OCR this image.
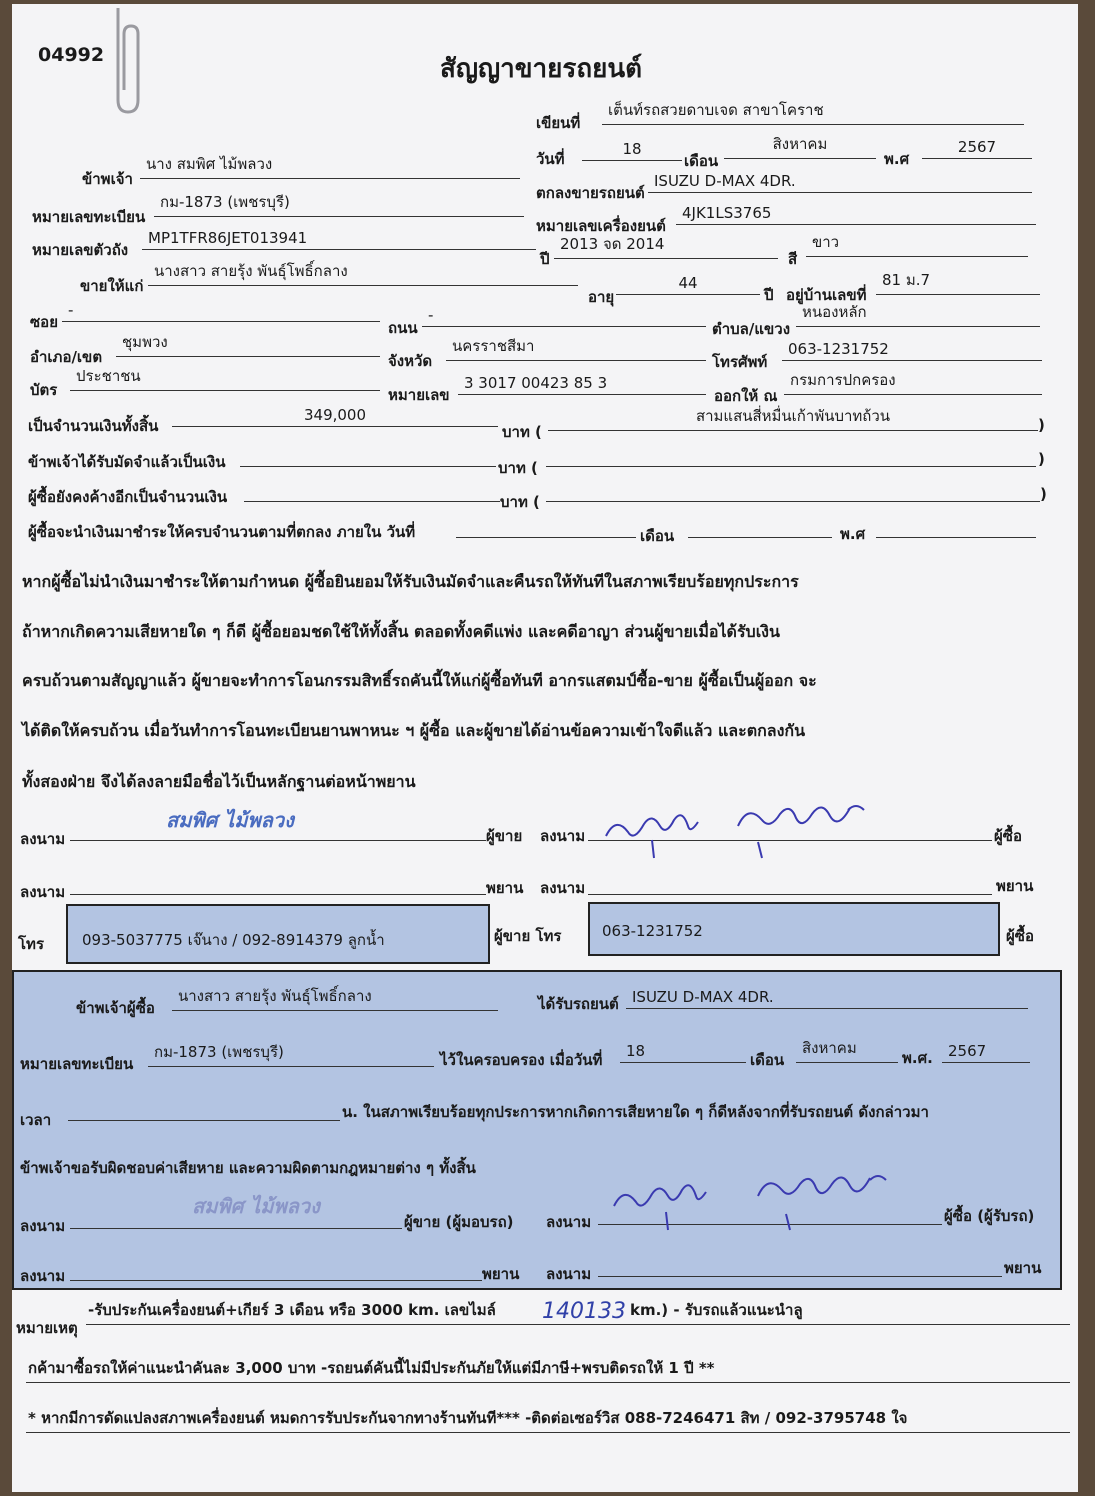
04992	สัญญาขายรถยนต์
เขียนที่
เต็นท์รถสวยดาบเจด สาขาโคราช
วันที่
18
เดือน
สิงหาคม
พ.ศ
2567
ข้าพเจ้า
นาง สมพิศ ไม้พลวง
ตกลงขายรถยนต์
ISUZU D-MAX 4DR.
หมายเลขทะเบียน
กม-1873 (เพชรบุรี)
หมายเลขเครื่องยนต์
4JK1LS3765
หมายเลขตัวถัง
MP1TFR86JET013941
ปี
2013 จด 2014
สี
ขาว
ขายให้แก่
นางสาว สายรุ้ง พันธุ์โพธิ์กลาง
อายุ
44
ปี อยู่บ้านเลขที่
81 ม.7
ซอย
-
ถนน
-
ตำบล/แขวง
หนองหลัก
อำเภอ/เขต
ชุมพวง
จังหวัด
นครราชสีมา
โทรศัพท์
063-1231752
บัตร
ประชาชน
หมายเลข
3 3017 00423 85 3
ออกให้ ณ
กรมการปกครอง
เป็นจำนวนเงินทั้งสิ้น
349,000
บาท (
สามแสนสี่หมื่นเก้าพันบาทถ้วน	)
ข้าพเจ้าได้รับมัดจำแล้วเป็นเงิน	บาท (	)
ผู้ซื้อยังคงค้างอีกเป็นจำนวนเงิน	บาท (	)
ผู้ซื้อจะนำเงินมาชำระให้ครบจำนวนตามที่ตกลง ภายใน วันที่	เดือน	พ.ศ
หากผู้ซื้อไม่นำเงินมาชำระให้ตามกำหนด ผู้ซื้อยินยอมให้รับเงินมัดจำและคืนรถให้ทันทีในสภาพเรียบร้อยทุกประการ
ถ้าหากเกิดความเสียหายใด ๆ ก็ดี ผู้ซื้อยอมชดใช้ให้ทั้งสิ้น ตลอดทั้งคดีแพ่ง และคดีอาญา ส่วนผู้ขายเมื่อได้รับเงิน
ครบถ้วนตามสัญญาแล้ว ผู้ขายจะทำการโอนกรรมสิทธิ์รถคันนี้ให้แก่ผู้ซื้อทันที อากรแสตมป์ซื้อ-ขาย ผู้ซื้อเป็นผู้ออก จะ
ได้ติดให้ครบถ้วน เมื่อวันทำการโอนทะเบียนยานพาหนะ ฯ ผู้ซื้อ และผู้ขายได้อ่านข้อความเข้าใจดีแล้ว และตกลงกัน
ทั้งสองฝ่าย จึงได้ลงลายมือชื่อไว้เป็นหลักฐานต่อหน้าพยาน
ลงนาม
สมพิศ ไม้พลวง
ผู้ขาย ลงนาม	ผู้ซื้อ
ลงนาม	พยาน ลงนาม	พยาน
โทร	093-5037775 เจ๊นาง / 092-8914379 ลูกน้ำ	ผู้ขาย โทร	063-1231752	ผู้ซื้อ
ข้าพเจ้าผู้ซื้อ
นางสาว สายรุ้ง พันธุ์โพธิ์กลาง	ได้รับรถยนต์ ISUZU D-MAX 4DR.
หมายเลขทะเบียน
กม-1873 (เพชรบุรี)	ไว้ในครอบครอง เมื่อวันที่ 18	เดือน
สิงหาคม
พ.ศ. 2567
เวลา	น. ในสภาพเรียบร้อยทุกประการหากเกิดการเสียหายใด ๆ ก็ดีหลังจากที่รับรถยนต์ ดังกล่าวมา
ข้าพเจ้าขอรับผิดชอบค่าเสียหาย และความผิดตามกฎหมายต่าง ๆ ทั้งสิ้น
ลงนาม
สมพิศ ไม้พลวง
ผู้ขาย (ผู้มอบรถ) ลงนาม	ผู้ซื้อ (ผู้รับรถ)
ลงนาม	พยาน ลงนาม	พยาน
หมายเหตุ
-รับประกันเครื่องยนต์+เกียร์ 3 เดือน หรือ 3000 km. เลขไมล์ 140133 km.) - รับรถแล้วแนะนำลู
กค้ามาซื้อรถให้ค่าแนะนำคันละ 3,000 บาท -รถยนต์คันนี้ไม่มีประกันภัยให้แต่มีภาษี+พรบติดรถให้ 1 ปี **
* หากมีการดัดแปลงสภาพเครื่องยนต์ หมดการรับประกันจากทางร้านทันที*** -ติดต่อเซอร์วิส 088-7246471 สิท / 092-3795748 ใจ
